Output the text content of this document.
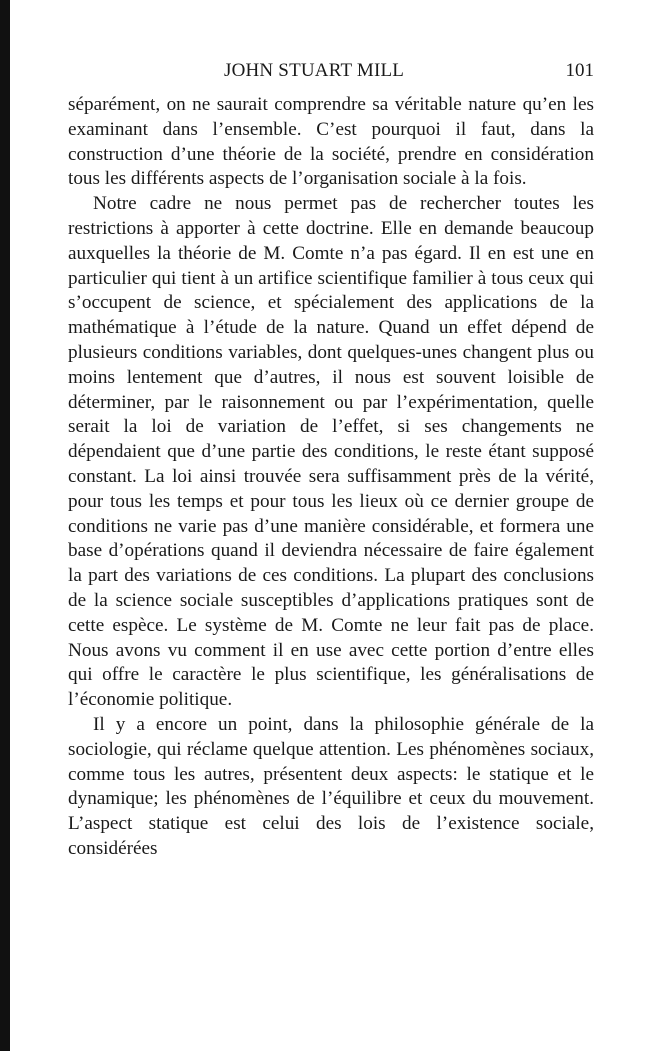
JOHN STUART MILL	101

séparément, on ne saurait comprendre sa véritable nature qu’en les examinant dans l’ensemble. C’est pourquoi il faut, dans la construction d’une théorie de la société, prendre en considération tous les différents aspects de l’organisation sociale à la fois.

Notre cadre ne nous permet pas de rechercher toutes les restrictions à apporter à cette doctrine. Elle en demande beaucoup auxquelles la théorie de M. Comte n’a pas égard. Il en est une en particulier qui tient à un artifice scientifique familier à tous ceux qui s’occupent de science, et spécialement des applications de la mathématique à l’étude de la nature. Quand un effet dépend de plusieurs conditions variables, dont quelques-unes changent plus ou moins lentement que d’autres, il nous est souvent loisible de déterminer, par le raisonnement ou par l’expérimentation, quelle serait la loi de variation de l’effet, si ses changements ne dépendaient que d’une partie des conditions, le reste étant supposé constant. La loi ainsi trouvée sera suffisamment près de la vérité, pour tous les temps et pour tous les lieux où ce dernier groupe de conditions ne varie pas d’une manière considérable, et formera une base d’opérations quand il deviendra nécessaire de faire également la part des variations de ces conditions. La plupart des conclusions de la science sociale susceptibles d’applications pratiques sont de cette espèce. Le système de M. Comte ne leur fait pas de place. Nous avons vu comment il en use avec cette portion d’entre elles qui offre le caractère le plus scientifique, les généralisations de l’économie politique.

Il y a encore un point, dans la philosophie générale de la sociologie, qui réclame quelque attention. Les phénomènes sociaux, comme tous les autres, présentent deux aspects: le statique et le dynamique; les phénomènes de l’équilibre et ceux du mouvement. L’aspect statique est celui des lois de l’existence sociale, considérées
